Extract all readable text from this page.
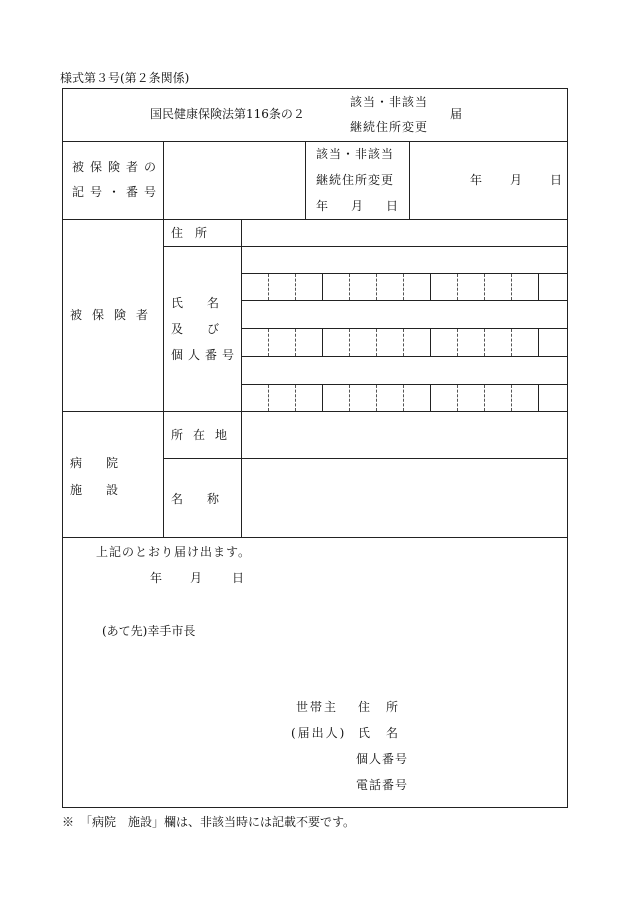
様式第３号(第２条関係)
国民健康保険法第116条の２
該当・非該当
継続住所変更
届
被保険者の
記号・番号
該当・非該当
継続住所変更
年 月 日
年 月 日
被保険者
住　所
氏　　名
及　　び
個人番号
病　　院
施　　設
所在地
名　　称
上記のとおり届け出ます。
年 月 日
(あて先)幸手市長
世帯主 住　所
(届出人) 氏　名
個人番号
電話番号
※　「病院　施設」欄は、非該当時には記載不要です。
